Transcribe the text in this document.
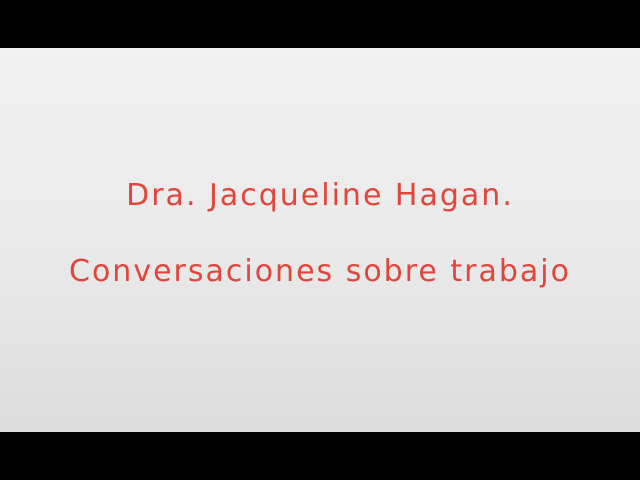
Dra. Jacqueline Hagan.
Conversaciones sobre trabajo
